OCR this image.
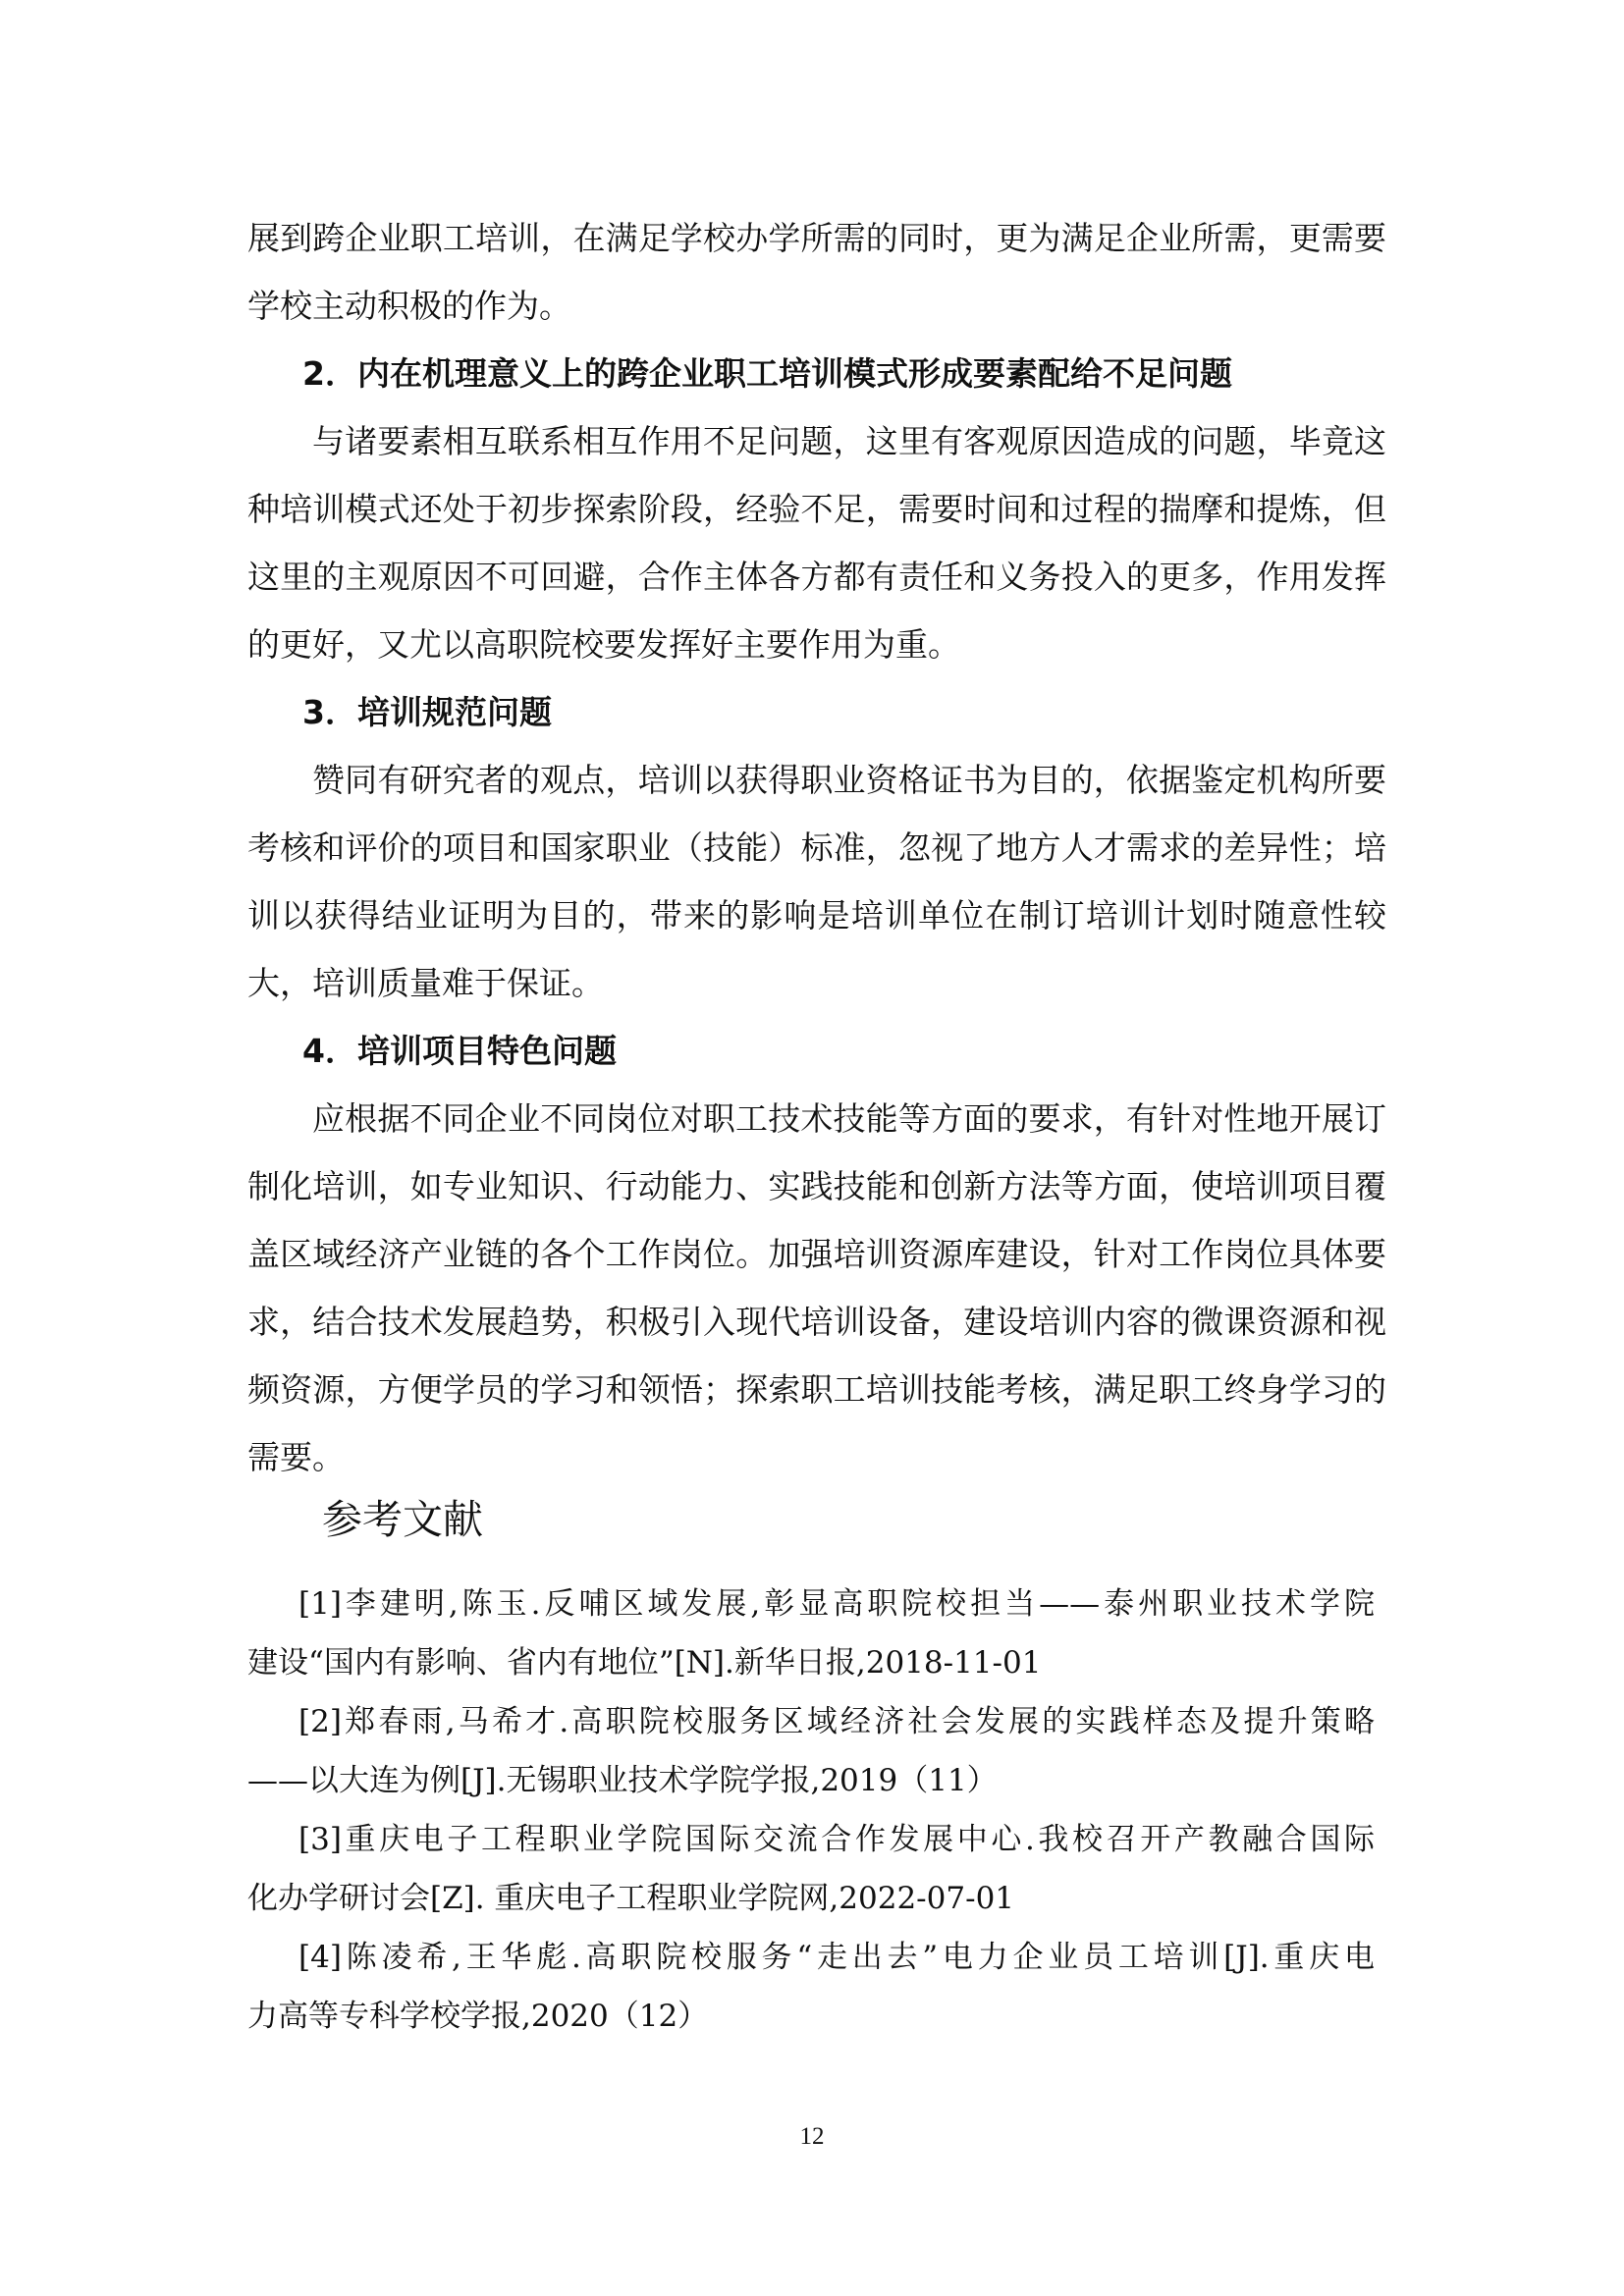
展到跨企业职工培训，在满足学校办学所需的同时，更为满足企业所需，更需要
学校主动积极的作为。
2．内在机理意义上的跨企业职工培训模式形成要素配给不足问题
与诸要素相互联系相互作用不足问题，这里有客观原因造成的问题，毕竟这
种培训模式还处于初步探索阶段，经验不足，需要时间和过程的揣摩和提炼，但
这里的主观原因不可回避，合作主体各方都有责任和义务投入的更多，作用发挥
的更好，又尤以高职院校要发挥好主要作用为重。
3．培训规范问题
赞同有研究者的观点，培训以获得职业资格证书为目的，依据鉴定机构所要
考核和评价的项目和国家职业（技能）标准，忽视了地方人才需求的差异性；培
训以获得结业证明为目的，带来的影响是培训单位在制订培训计划时随意性较
大，培训质量难于保证。
4．培训项目特色问题
应根据不同企业不同岗位对职工技术技能等方面的要求，有针对性地开展订
制化培训，如专业知识、行动能力、实践技能和创新方法等方面，使培训项目覆
盖区域经济产业链的各个工作岗位。加强培训资源库建设，针对工作岗位具体要
求，结合技术发展趋势，积极引入现代培训设备，建设培训内容的微课资源和视
频资源，方便学员的学习和领悟；探索职工培训技能考核，满足职工终身学习的
需要。
参考文献
[1]李建明,陈玉.反哺区域发展,彰显高职院校担当——泰州职业技术学院
建设“国内有影响、省内有地位”[N].新华日报,2018-11-01
[2]郑春雨,马希才.高职院校服务区域经济社会发展的实践样态及提升策略
——以大连为例[J].无锡职业技术学院学报,2019（11）
[3]重庆电子工程职业学院国际交流合作发展中心.我校召开产教融合国际
化办学研讨会[Z]. 重庆电子工程职业学院网,2022-07-01
[4]陈凌希,王华彪.高职院校服务“走出去”电力企业员工培训[J].重庆电
力高等专科学校学报,2020（12）
12
